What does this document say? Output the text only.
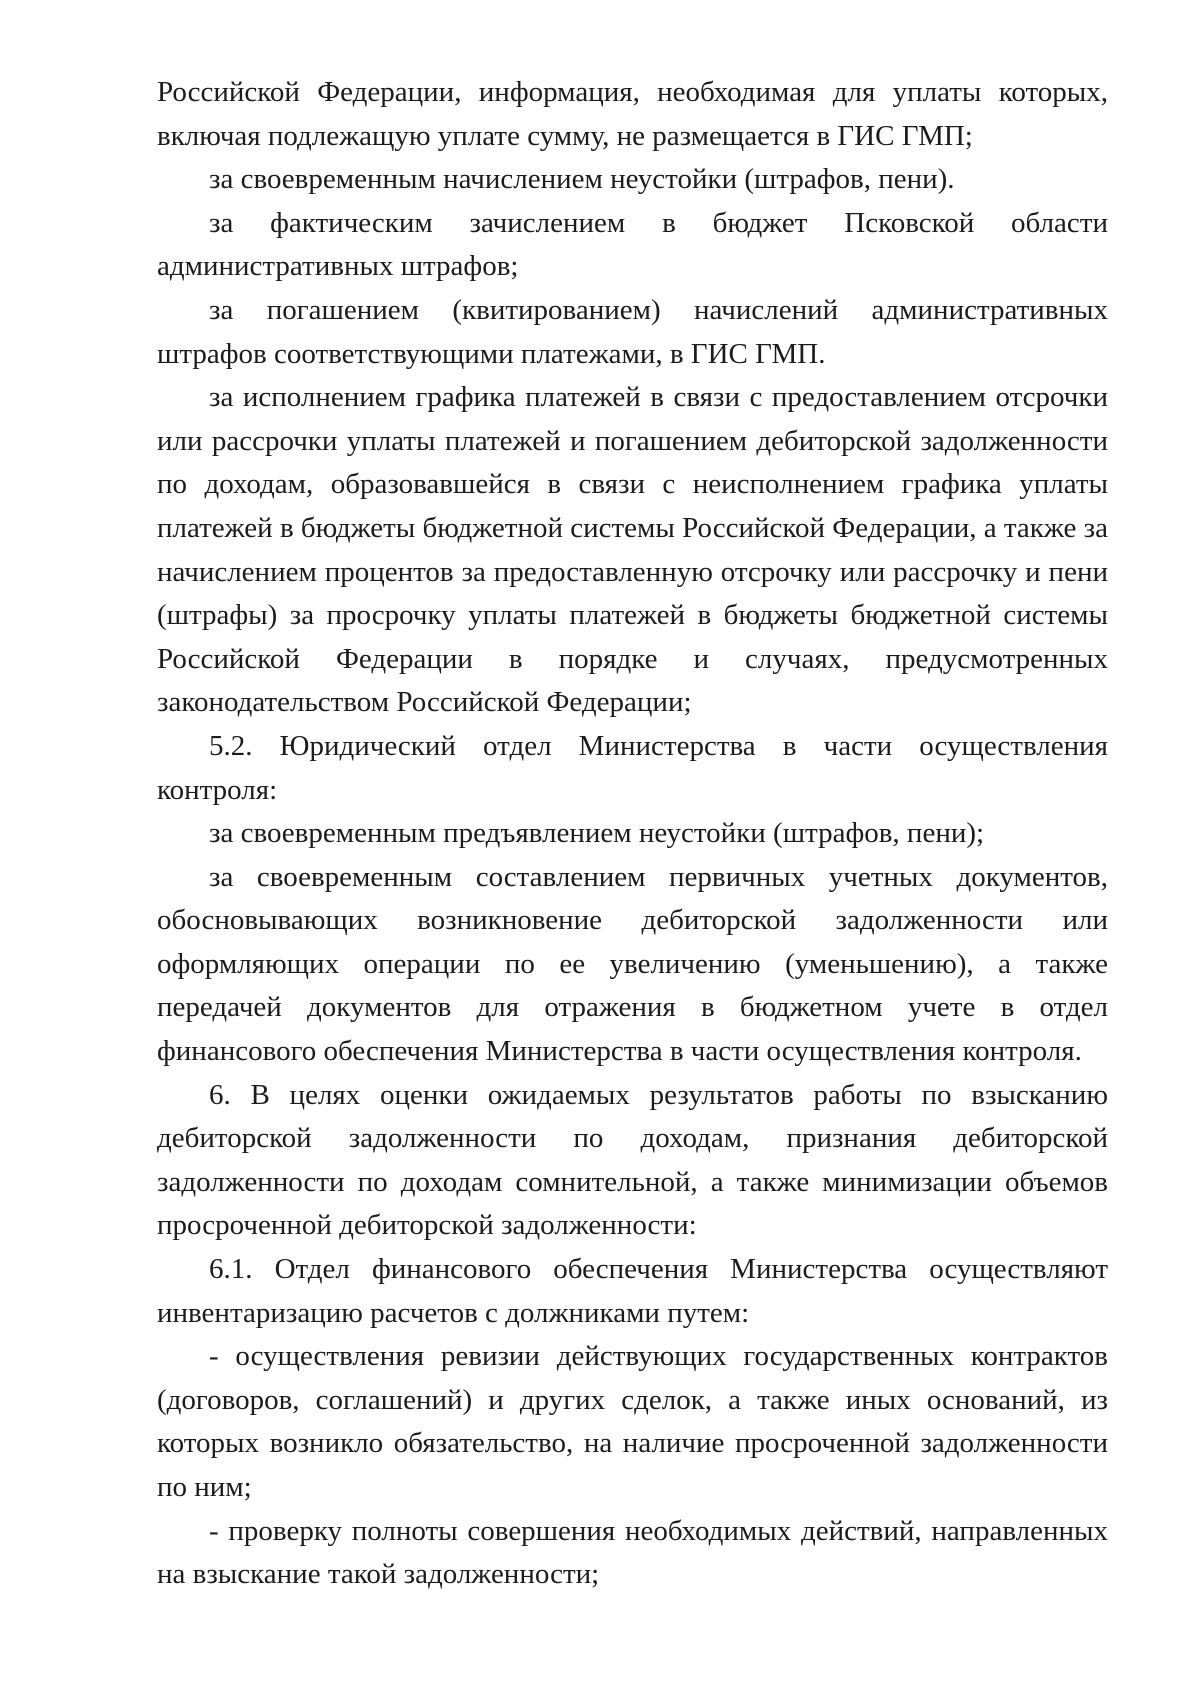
Российской Федерации, информация, необходимая для уплаты которых, включая подлежащую уплате сумму, не размещается в ГИС ГМП;

за своевременным начислением неустойки (штрафов, пени).

за фактическим зачислением в бюджет Псковской области административных штрафов;

за погашением (квитированием) начислений административных штрафов соответствующими платежами, в ГИС ГМП.

за исполнением графика платежей в связи с предоставлением отсрочки или рассрочки уплаты платежей и погашением дебиторской задолженности по доходам, образовавшейся в связи с неисполнением графика уплаты платежей в бюджеты бюджетной системы Российской Федерации, а также за начислением процентов за предоставленную отсрочку или рассрочку и пени (штрафы) за просрочку уплаты платежей в бюджеты бюджетной системы Российской Федерации в порядке и случаях, предусмотренных законодательством Российской Федерации;

5.2. Юридический отдел Министерства в части осуществления контроля:

за своевременным предъявлением неустойки (штрафов, пени);

за своевременным составлением первичных учетных документов, обосновывающих возникновение дебиторской задолженности или оформляющих операции по ее увеличению (уменьшению), а также передачей документов для отражения в бюджетном учете в отдел финансового обеспечения Министерства в части осуществления контроля.

6. В целях оценки ожидаемых результатов работы по взысканию дебиторской задолженности по доходам, признания дебиторской задолженности по доходам сомнительной, а также минимизации объемов просроченной дебиторской задолженности:

6.1. Отдел финансового обеспечения Министерства осуществляют инвентаризацию расчетов с должниками путем:

- осуществления ревизии действующих государственных контрактов (договоров, соглашений) и других сделок, а также иных оснований, из которых возникло обязательство, на наличие просроченной задолженности по ним;

- проверку полноты совершения необходимых действий, направленных на взыскание такой задолженности;
